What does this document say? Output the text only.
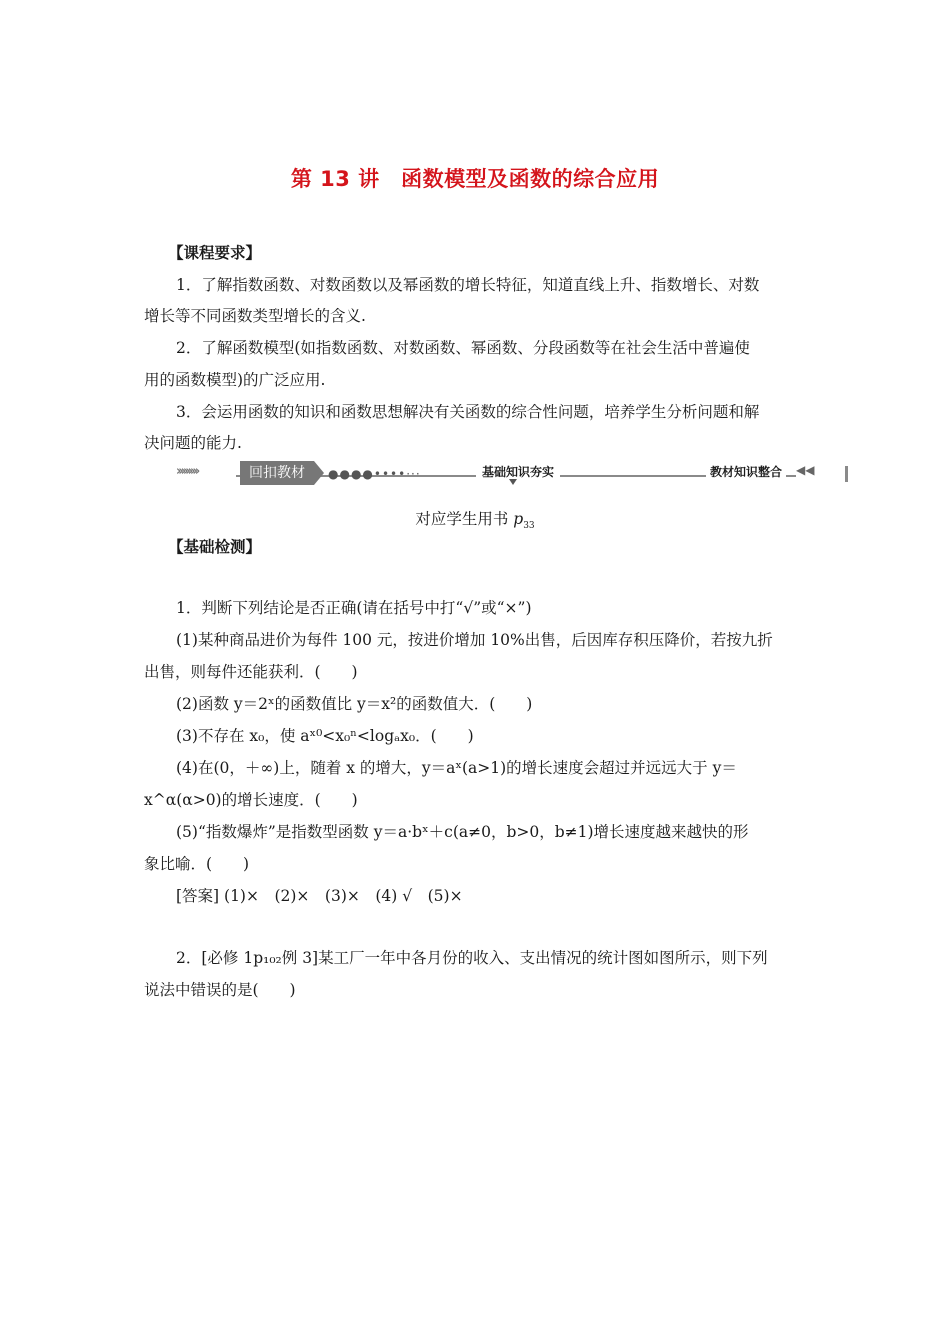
第 13 讲　函数模型及函数的综合应用
【课程要求】
1．了解指数函数、对数函数以及幂函数的增长特征，知道直线上升、指数增长、对数
增长等不同函数类型增长的含义.
2．了解函数模型(如指数函数、对数函数、幂函数、分段函数等在社会生活中普遍使
用的函数模型)的广泛应用.
3．会运用函数的知识和函数思想解决有关函数的综合性问题，培养学生分析问题和解
决问题的能力.
›››››››››	回扣教材	●●●●••••···	基础知识夯实	教材知识整合	◀◀
对应学生用书 $p_{33}$
【基础检测】
1．判断下列结论是否正确(请在括号中打“√”或“×”)
(1)某种商品进价为每件 100 元，按进价增加 10%出售，后因库存积压降价，若按九折
出售，则每件还能获利．(　　)
(2)函数 y＝2ˣ的函数值比 y＝x²的函数值大．(　　)
(3)不存在 x₀，使 aˣ⁰<x₀ⁿ<logₐx₀．(　　)
(4)在(0，＋∞)上，随着 x 的增大，y＝aˣ(a>1)的增长速度会超过并远远大于 y＝
x^α(α>0)的增长速度．(　　)
(5)“指数爆炸”是指数型函数 y＝a·bˣ＋c(a≠0，b>0，b≠1)增长速度越来越快的形
象比喻．(　　)
[答案] (1)×　(2)×　(3)×　(4) √　(5)×
2．[必修 1p₁₀₂例 3]某工厂一年中各月份的收入、支出情况的统计图如图所示，则下列
说法中错误的是(　　)
